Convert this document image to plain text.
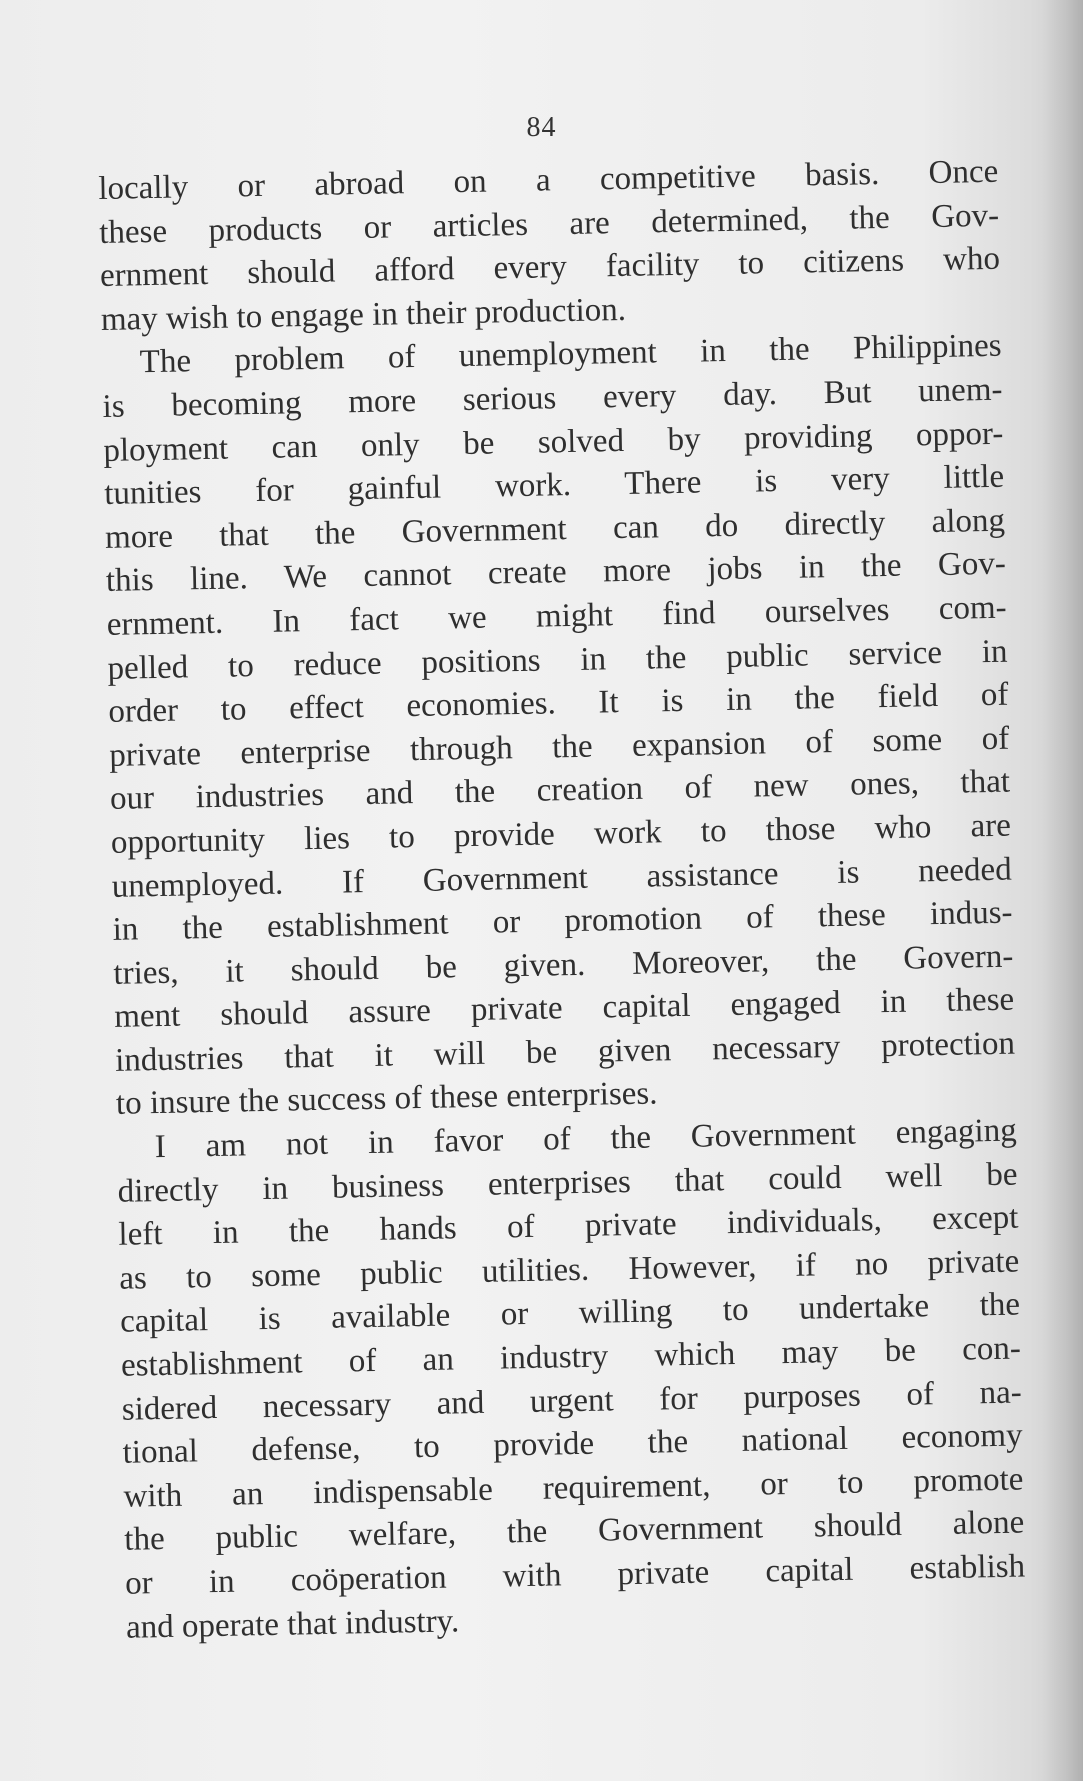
84
locally or abroad on a competitive basis. Once
these products or articles are determined, the Gov-
ernment should afford every facility to citizens who
may wish to engage in their production.
The problem of unemployment in the Philippines
is becoming more serious every day. But unem-
ployment can only be solved by providing oppor-
tunities for gainful work. There is very little
more that the Government can do directly along
this line. We cannot create more jobs in the Gov-
ernment. In fact we might find ourselves com-
pelled to reduce positions in the public service in
order to effect economies. It is in the field of
private enterprise through the expansion of some of
our industries and the creation of new ones, that
opportunity lies to provide work to those who are
unemployed. If Government assistance is needed
in the establishment or promotion of these indus-
tries, it should be given. Moreover, the Govern-
ment should assure private capital engaged in these
industries that it will be given necessary protection
to insure the success of these enterprises.
I am not in favor of the Government engaging
directly in business enterprises that could well be
left in the hands of private individuals, except
as to some public utilities. However, if no private
capital is available or willing to undertake the
establishment of an industry which may be con-
sidered necessary and urgent for purposes of na-
tional defense, to provide the national economy
with an indispensable requirement, or to promote
the public welfare, the Government should alone
or in coöperation with private capital establish
and operate that industry.
